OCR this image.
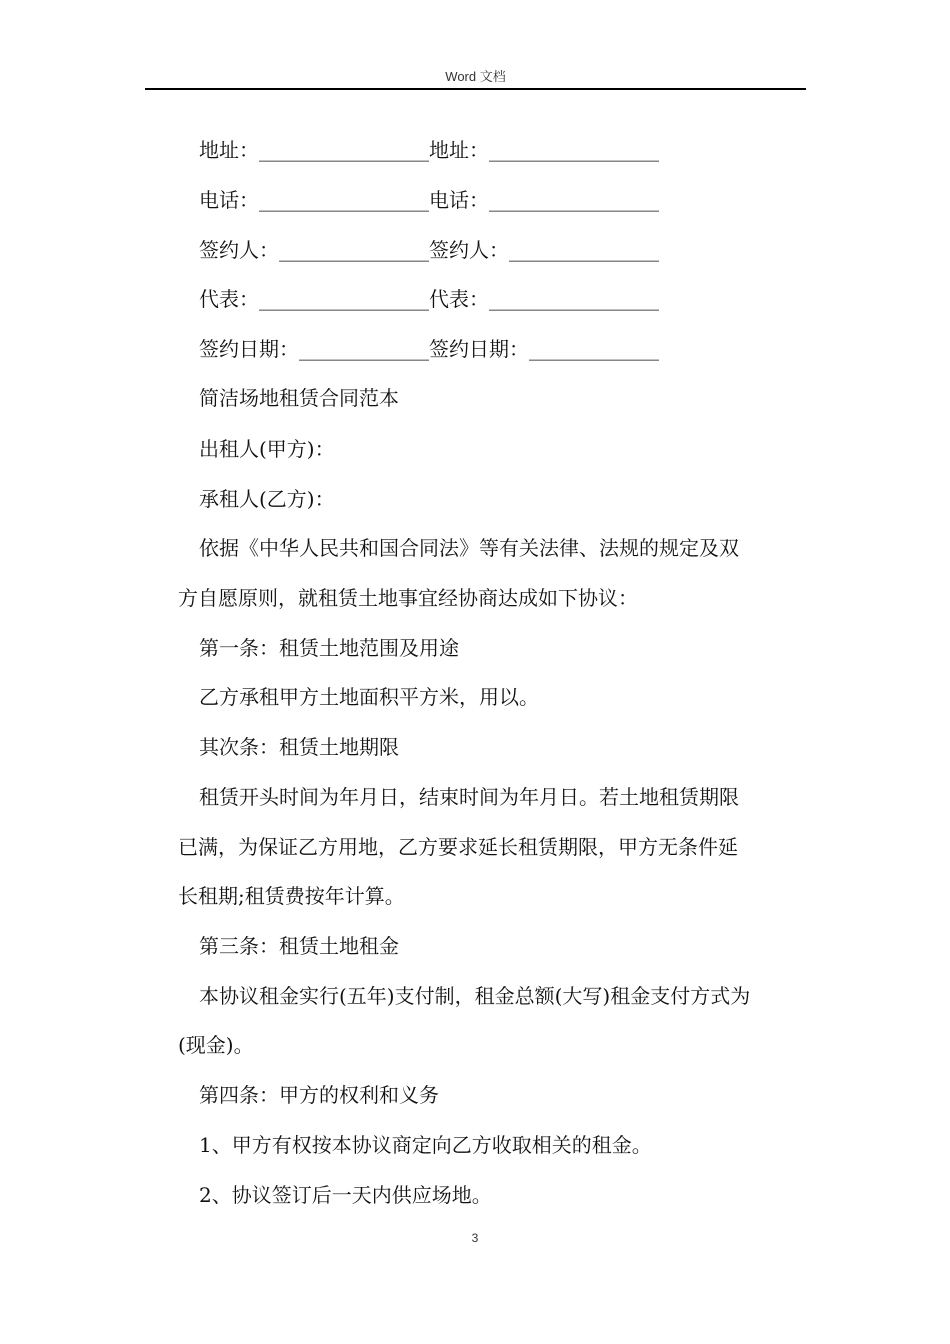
Word 文档
地址：_________________地址：_________________
电话：_________________电话：_________________
签约人：_______________签约人：_______________
代表：_________________代表：_________________
签约日期：_____________签约日期：_____________
简洁场地租赁合同范本
出租人(甲方)：
承租人(乙方)：
依据《中华人民共和国合同法》等有关法律、法规的规定及双
方自愿原则，就租赁土地事宜经协商达成如下协议：
第一条：租赁土地范围及用途
乙方承租甲方土地面积平方米，用以。
其次条：租赁土地期限
租赁开头时间为年月日，结束时间为年月日。若土地租赁期限
已满，为保证乙方用地，乙方要求延长租赁期限，甲方无条件延
长租期;租赁费按年计算。
第三条：租赁土地租金
本协议租金实行(五年)支付制，租金总额(大写)租金支付方式为
(现金)。
第四条：甲方的权利和义务
1、甲方有权按本协议商定向乙方收取相关的租金。
2、协议签订后一天内供应场地。
3
